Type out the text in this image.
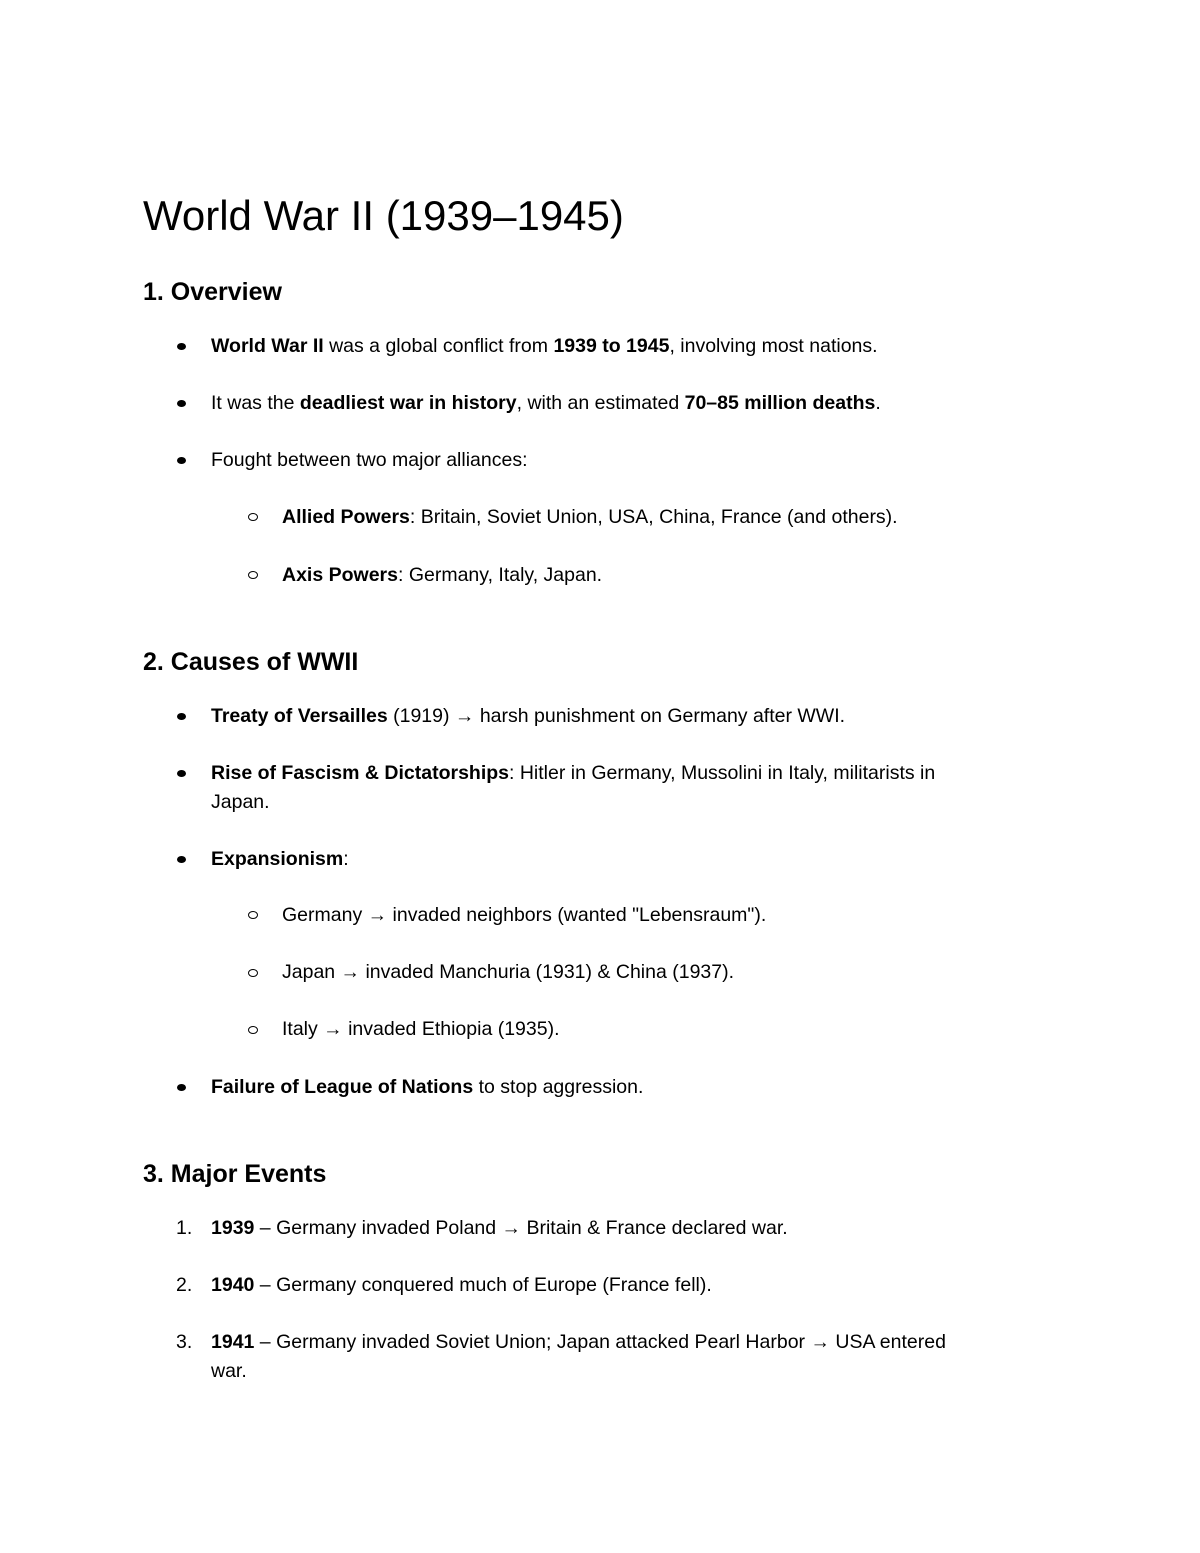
World War II (1939–1945)
1. Overview
World War II was a global conflict from 1939 to 1945, involving most nations.
It was the deadliest war in history, with an estimated 70–85 million deaths.
Fought between two major alliances:
Allied Powers: Britain, Soviet Union, USA, China, France (and others).
Axis Powers: Germany, Italy, Japan.
2. Causes of WWII
Treaty of Versailles (1919) → harsh punishment on Germany after WWI.
Rise of Fascism & Dictatorships: Hitler in Germany, Mussolini in Italy, militarists in
Japan.
Expansionism:
Germany → invaded neighbors (wanted "Lebensraum").
Japan → invaded Manchuria (1931) & China (1937).
Italy → invaded Ethiopia (1935).
Failure of League of Nations to stop aggression.
3. Major Events
1. 1939 – Germany invaded Poland → Britain & France declared war.
2. 1940 – Germany conquered much of Europe (France fell).
3. 1941 – Germany invaded Soviet Union; Japan attacked Pearl Harbor → USA entered
war.
